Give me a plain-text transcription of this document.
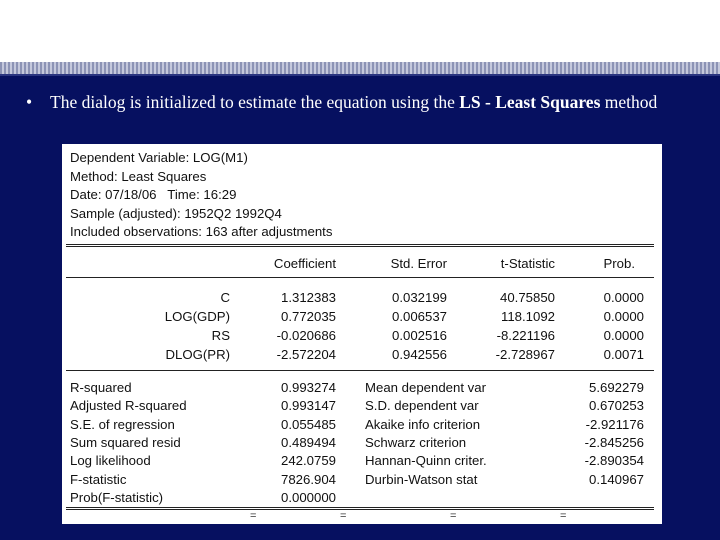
• The dialog is initialized to estimate the equation using the LS - Least Squares method
Dependent Variable: LOG(M1)
Method: Least Squares
Date: 07/18/06   Time: 16:29
Sample (adjusted): 1952Q2 1992Q4
Included observations: 163 after adjustments
Coefficient	Std. Error	t-Statistic	Prob.
C	1.312383	0.032199	40.75850	0.0000
LOG(GDP)	0.772035	0.006537	118.1092	0.0000
RS	-0.020686	0.002516	-8.221196	0.0000
DLOG(PR)	-2.572204	0.942556	-2.728967	0.0071
R-squared	0.993274 Mean dependent var	5.692279
Adjusted R-squared	0.993147 S.D. dependent var	0.670253
S.E. of regression	0.055485 Akaike info criterion	-2.921176
Sum squared resid	0.489494 Schwarz criterion	-2.845256
Log likelihood	242.0759 Hannan-Quinn criter.	-2.890354
F-statistic	7826.904 Durbin-Watson stat	0.140967
Prob(F-statistic)	0.000000
=	=	=	=
